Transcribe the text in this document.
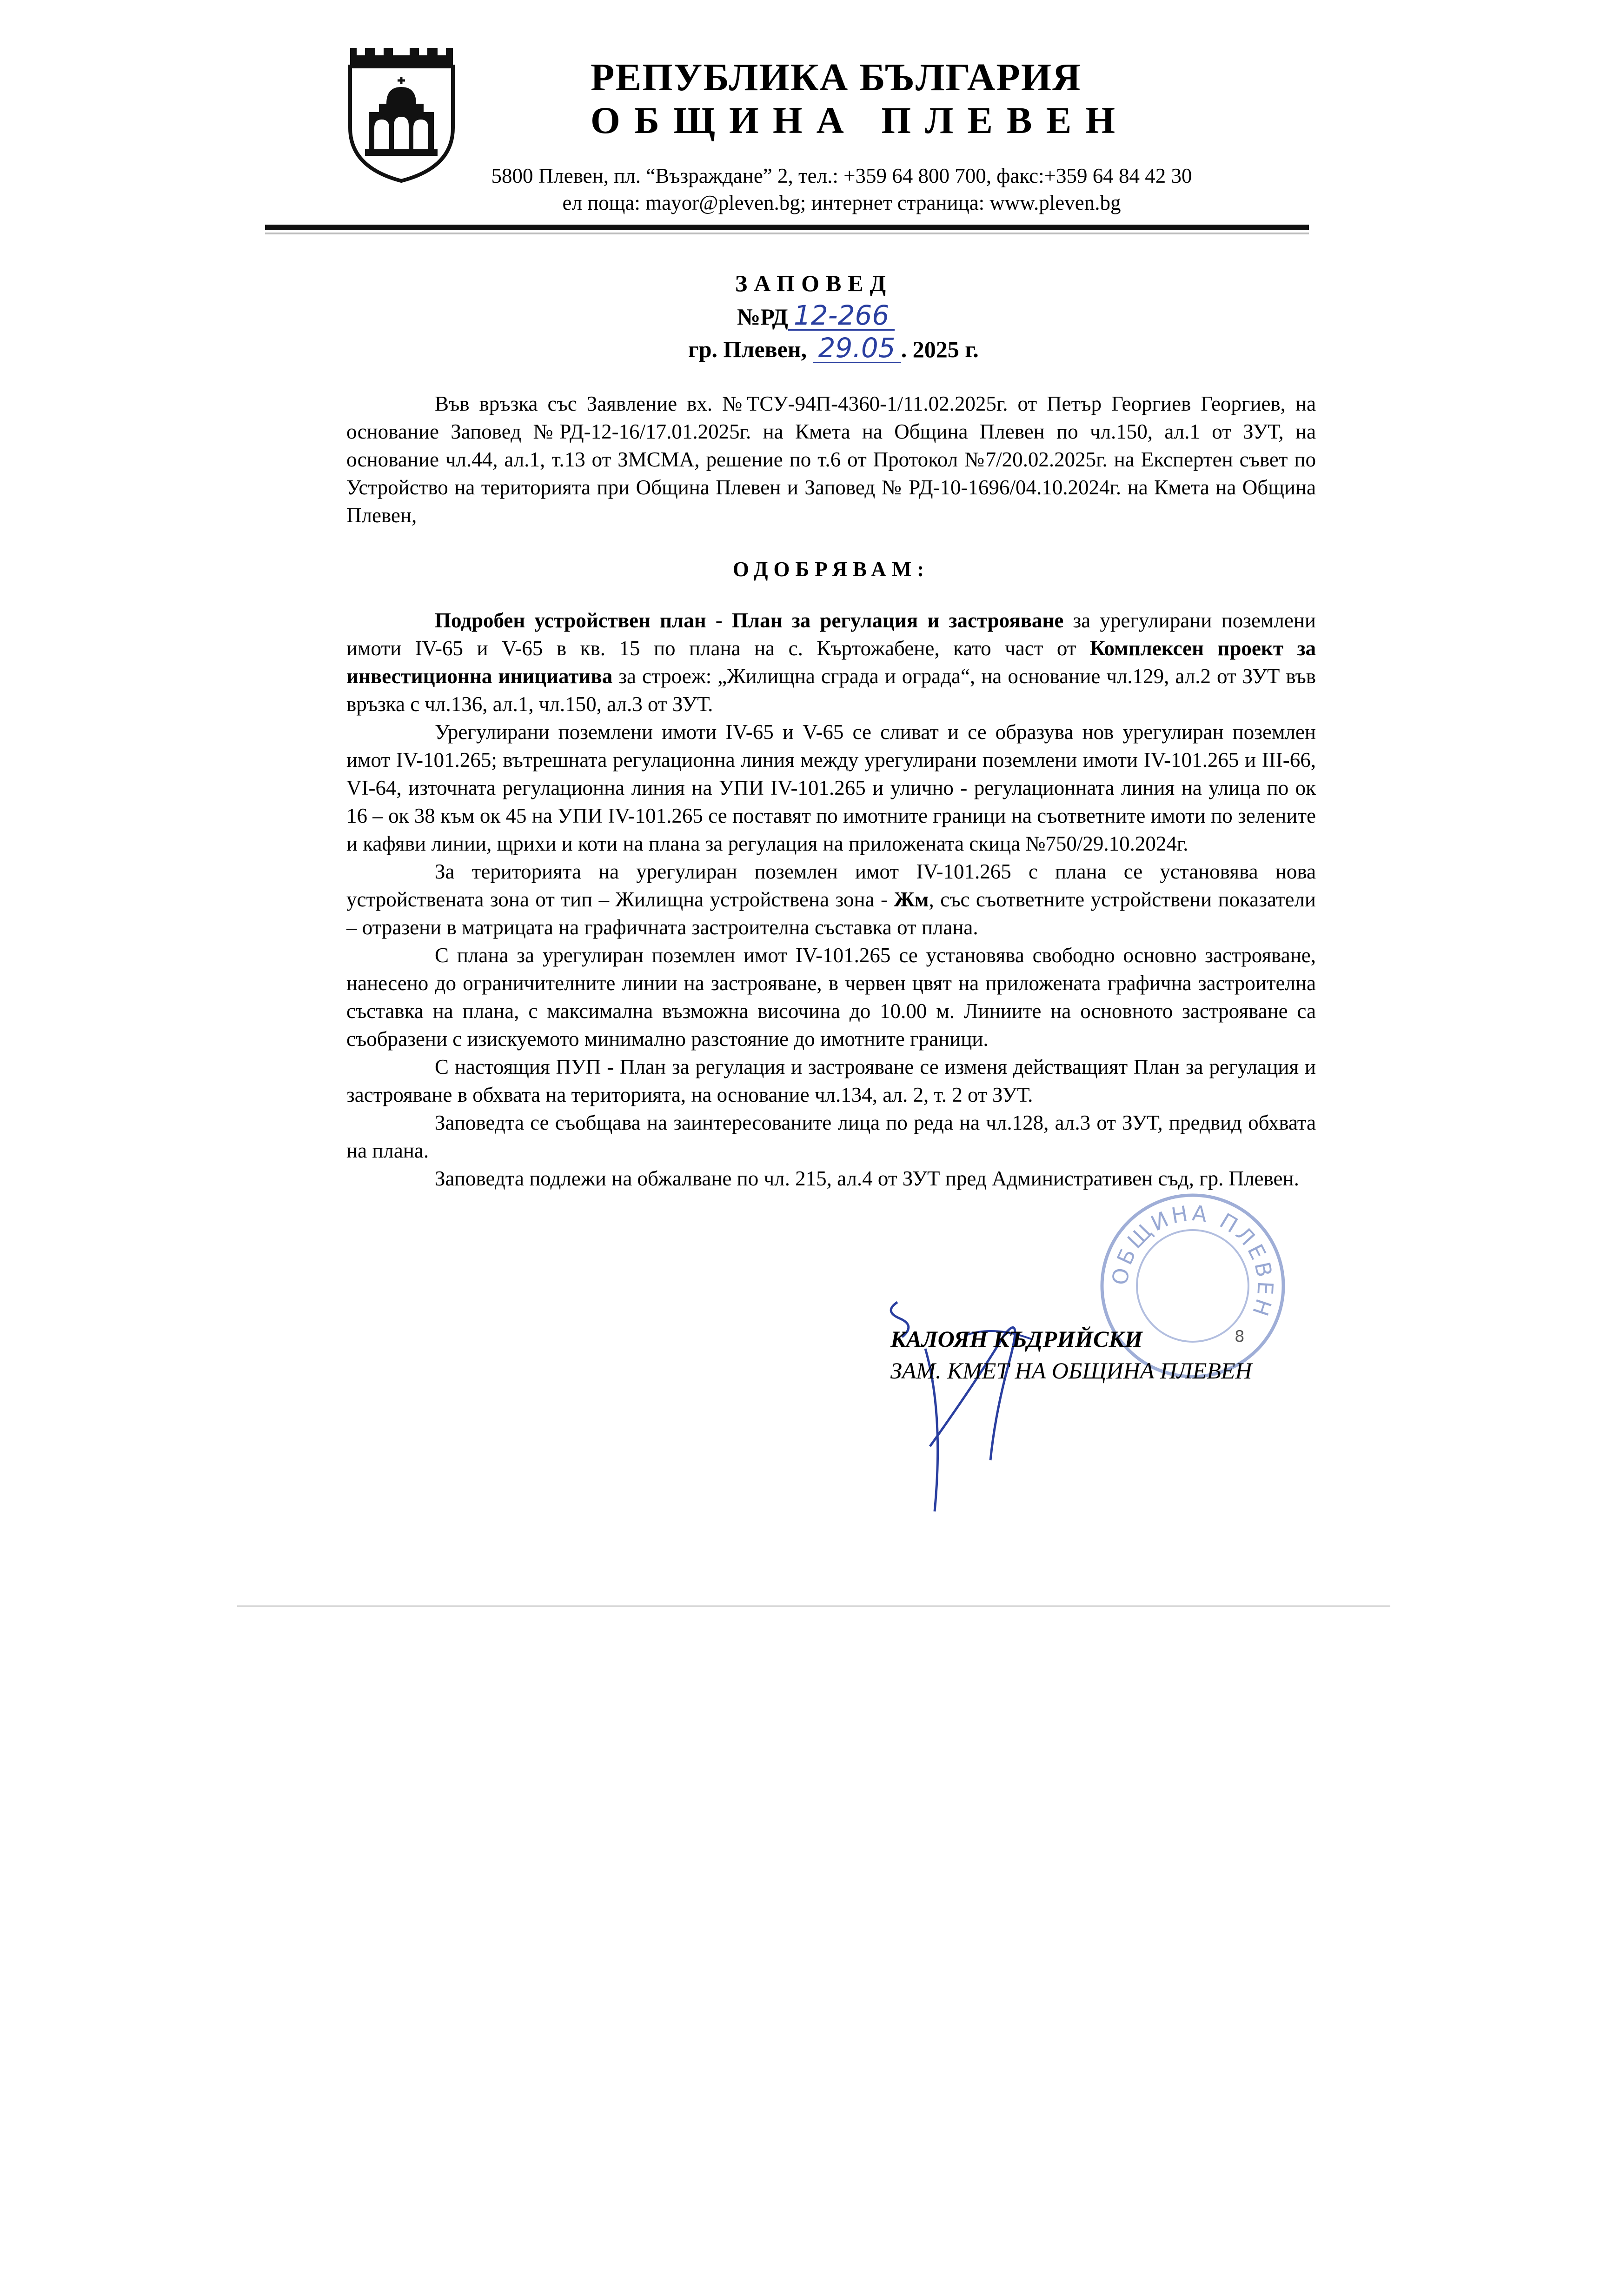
РЕПУБЛИКА БЪЛГАРИЯ
ОБЩИНА ПЛЕВЕН
5800 Плевен, пл. “Възраждане” 2, тел.: +359 64 800 700, факс:+359 64 84 42 30
ел поща: mayor@pleven.bg; интернет страница: www.pleven.bg
ЗАПОВЕД
№РД 12-266
гр. Плевен, 29.05 . 2025 г.

Във връзка със Заявление вх. №ТСУ-94П-4360-1/11.02.2025г. от Петър Георгиев Георгиев, на основание Заповед №РД-12-16/17.01.2025г. на Кмета на Община Плевен по чл.150, ал.1 от ЗУТ, на основание чл.44, ал.1, т.13 от ЗМСМА, решение по т.6 от Протокол №7/20.02.2025г. на Експертен съвет по Устройство на територията при Община Плевен и Заповед № РД-10-1696/04.10.2024г. на Кмета на Община Плевен,

ОДОБРЯВАМ:

Подробен устройствен план - План за регулация и застрояване за урегулирани поземлени имоти IV-65 и V-65 в кв. 15 по плана на с. Къртожабене, като част от Комплексен проект за инвестиционна инициатива за строеж: „Жилищна сграда и ограда“, на основание чл.129, ал.2 от ЗУТ във връзка с чл.136, ал.1, чл.150, ал.3 от ЗУТ.

Урегулирани поземлени имоти IV-65 и V-65 се сливат и се образува нов урегулиран поземлен имот IV-101.265; вътрешната регулационна линия между урегулирани поземлени имоти IV-101.265 и III-66, VI-64, източната регулационна линия на УПИ IV-101.265 и улично - регулационната линия на улица по ок 16 – ок 38 към ок 45 на УПИ IV-101.265 се поставят по имотните граници на съответните имоти по зелените и кафяви линии, щрихи и коти на плана за регулация на приложената скица №750/29.10.2024г.

За територията на урегулиран поземлен имот IV-101.265 с плана се установява нова устройствената зона от тип – Жилищна устройствена зона - Жм, със съответните устройствени показатели – отразени в матрицата на графичната застроителна съставка от плана.

С плана за урегулиран поземлен имот IV-101.265 се установява свободно основно застрояване, нанесено до ограничителните линии на застрояване, в червен цвят на приложената графична застроителна съставка на плана, с максимална възможна височина до 10.00 м. Линиите на основното застрояване са съобразени с изискуемото минимално разстояние до имотните граници.

С настоящия ПУП - План за регулация и застрояване се изменя действащият План за регулация и застрояване в обхвата на територията, на основание чл.134, ал. 2, т. 2 от ЗУТ.

Заповедта се съобщава на заинтересованите лица по реда на чл.128, ал.3 от ЗУТ, предвид обхвата на плана.

Заповедта подлежи на обжалване по чл. 215, ал.4 от ЗУТ пред Административен съд, гр. Плевен.

ОБЩИНА ПЛЕВЕН
8
КАЛОЯН КЪДРИЙСКИ
ЗАМ. КМЕТ НА ОБЩИНА ПЛЕВЕН
